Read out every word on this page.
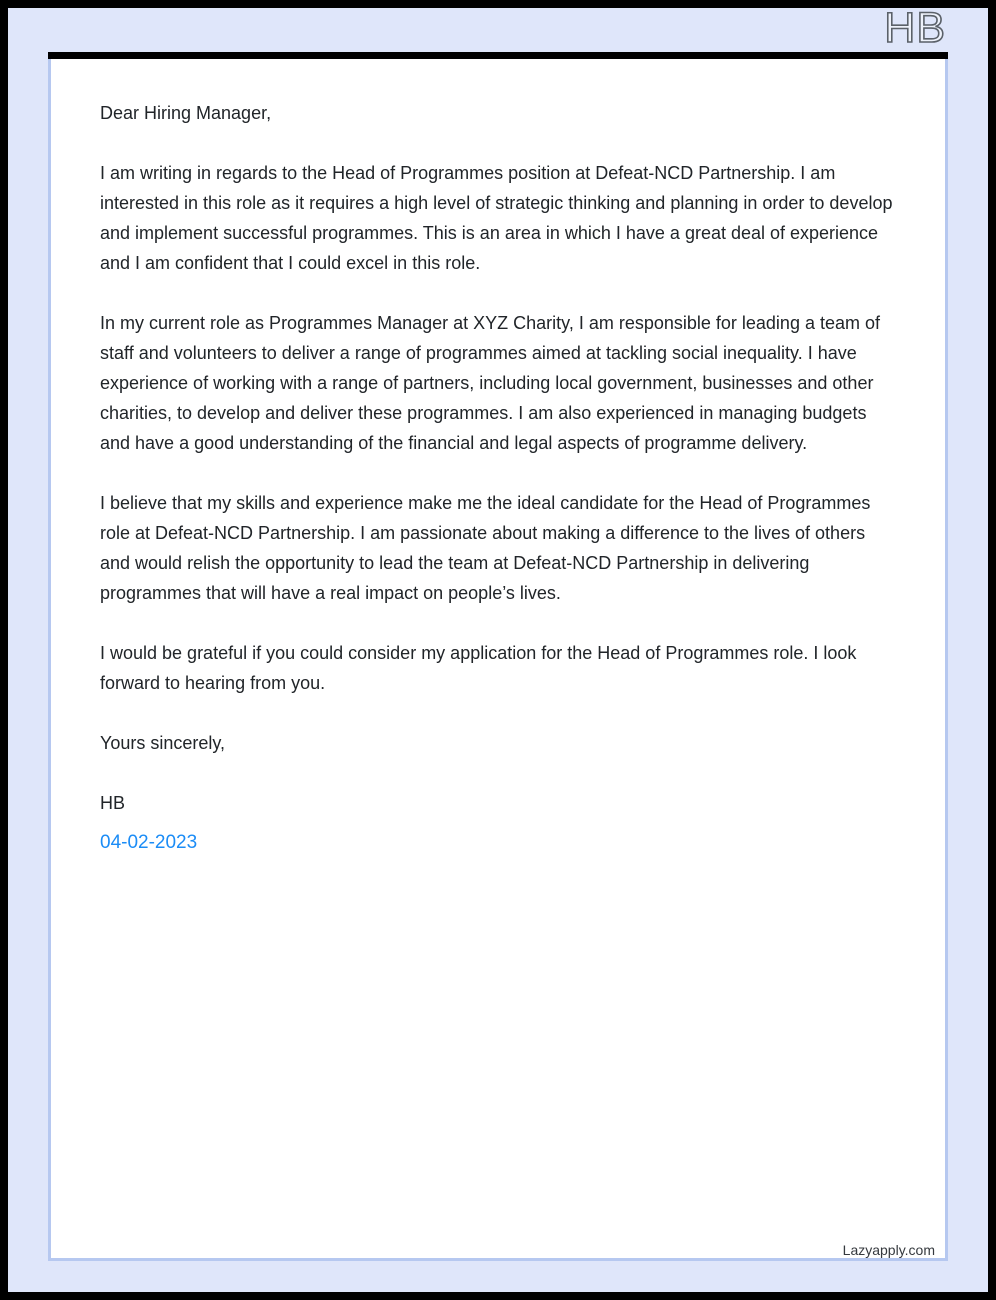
HB

Dear Hiring Manager,

I am writing in regards to the Head of Programmes position at Defeat-NCD Partnership. I am interested in this role as it requires a high level of strategic thinking and planning in order to develop and implement successful programmes. This is an area in which I have a great deal of experience and I am confident that I could excel in this role.

In my current role as Programmes Manager at XYZ Charity, I am responsible for leading a team of staff and volunteers to deliver a range of programmes aimed at tackling social inequality. I have experience of working with a range of partners, including local government, businesses and other charities, to develop and deliver these programmes. I am also experienced in managing budgets and have a good understanding of the financial and legal aspects of programme delivery.

I believe that my skills and experience make me the ideal candidate for the Head of Programmes role at Defeat-NCD Partnership. I am passionate about making a difference to the lives of others and would relish the opportunity to lead the team at Defeat-NCD Partnership in delivering programmes that will have a real impact on people’s lives.

I would be grateful if you could consider my application for the Head of Programmes role. I look forward to hearing from you.

Yours sincerely,

HB

04-02-2023

Lazyapply.com
